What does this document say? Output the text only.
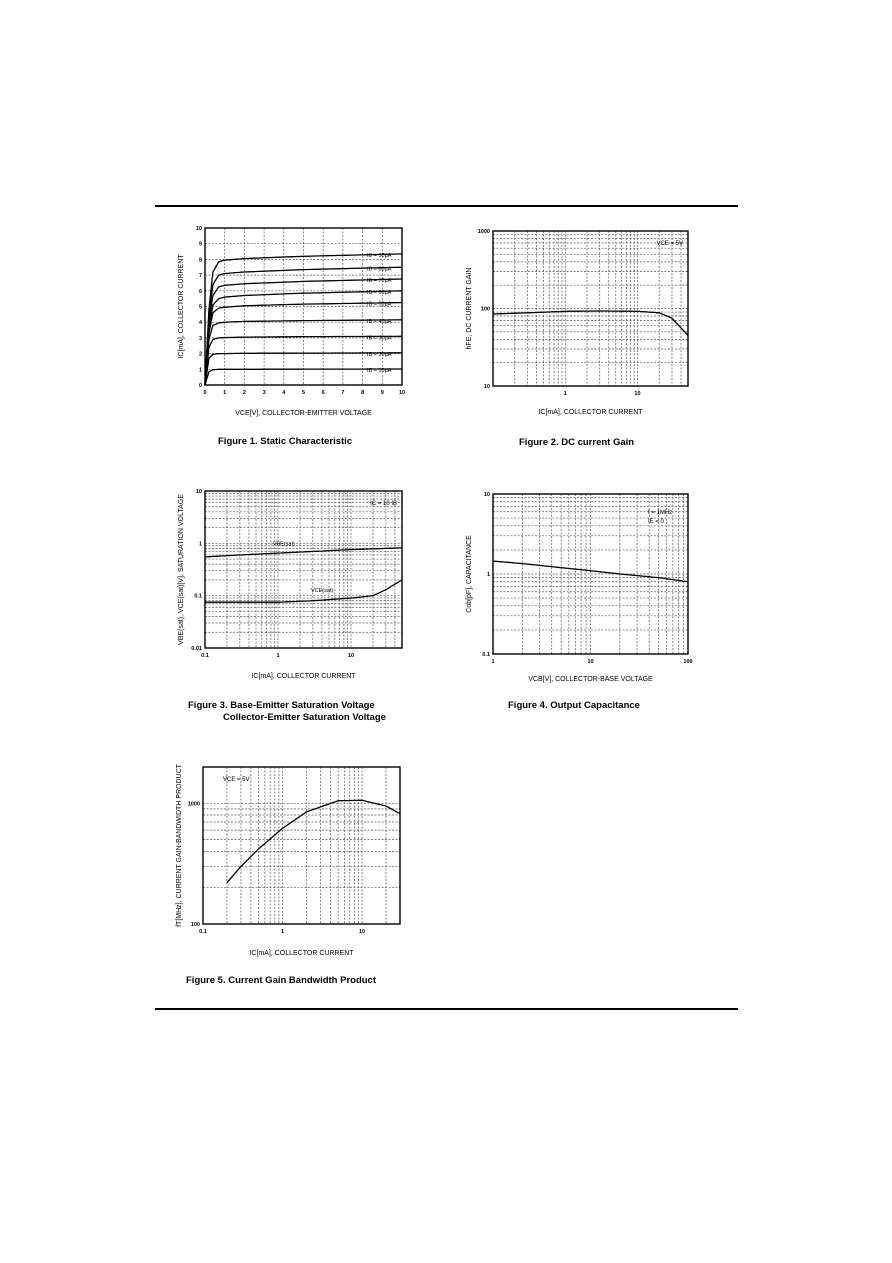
0	1	2	3	4	5	6	7	8	9	10
0
1
2
3
4
5
6
7
8
9
10
VCE[V], COLLECTOR-EMITTER VOLTAGE
IC[mA], COLLECTOR CURRENT	IB = 90µA
IB = 80µA
IB = 70µA
IB = 60µA
IB = 50µA
IB = 40µA
IB = 30µA
IB = 20µA
IB = 10µA
1	10
10
100
1000
IC[mA], COLLECTOR CURRENT
hFE, DC CURRENT GAIN
VCE = 5V
0.1	1	10
0.01
0.1
1
10
IC[mA], COLLECTOR CURRENT
VBE(sat), VCE(sat)[V], SATURATION VOLTAGE	VBE(sat)
VCE(sat)
IC = 10 IB
1	10	100
0.1
1
10
VCB[V], COLLECTOR-BASE VOLTAGE
Cob[pF], CAPACITANCE
f = 1MHz
IE = 0
0.1	1	10
100
1000
IC[mA], COLLECTOR CURRENT
fT[MHz], CURRENT GAIN-BANDWIDTH PRODUCT	VCE = 5V
Figure 1. Static Characteristic	Figure 2. DC current Gain
Figure 3. Base-Emitter Saturation Voltage
Collector-Emitter Saturation Voltage
Figure 4. Output Capacitance
Figure 5. Current Gain Bandwidth Product
